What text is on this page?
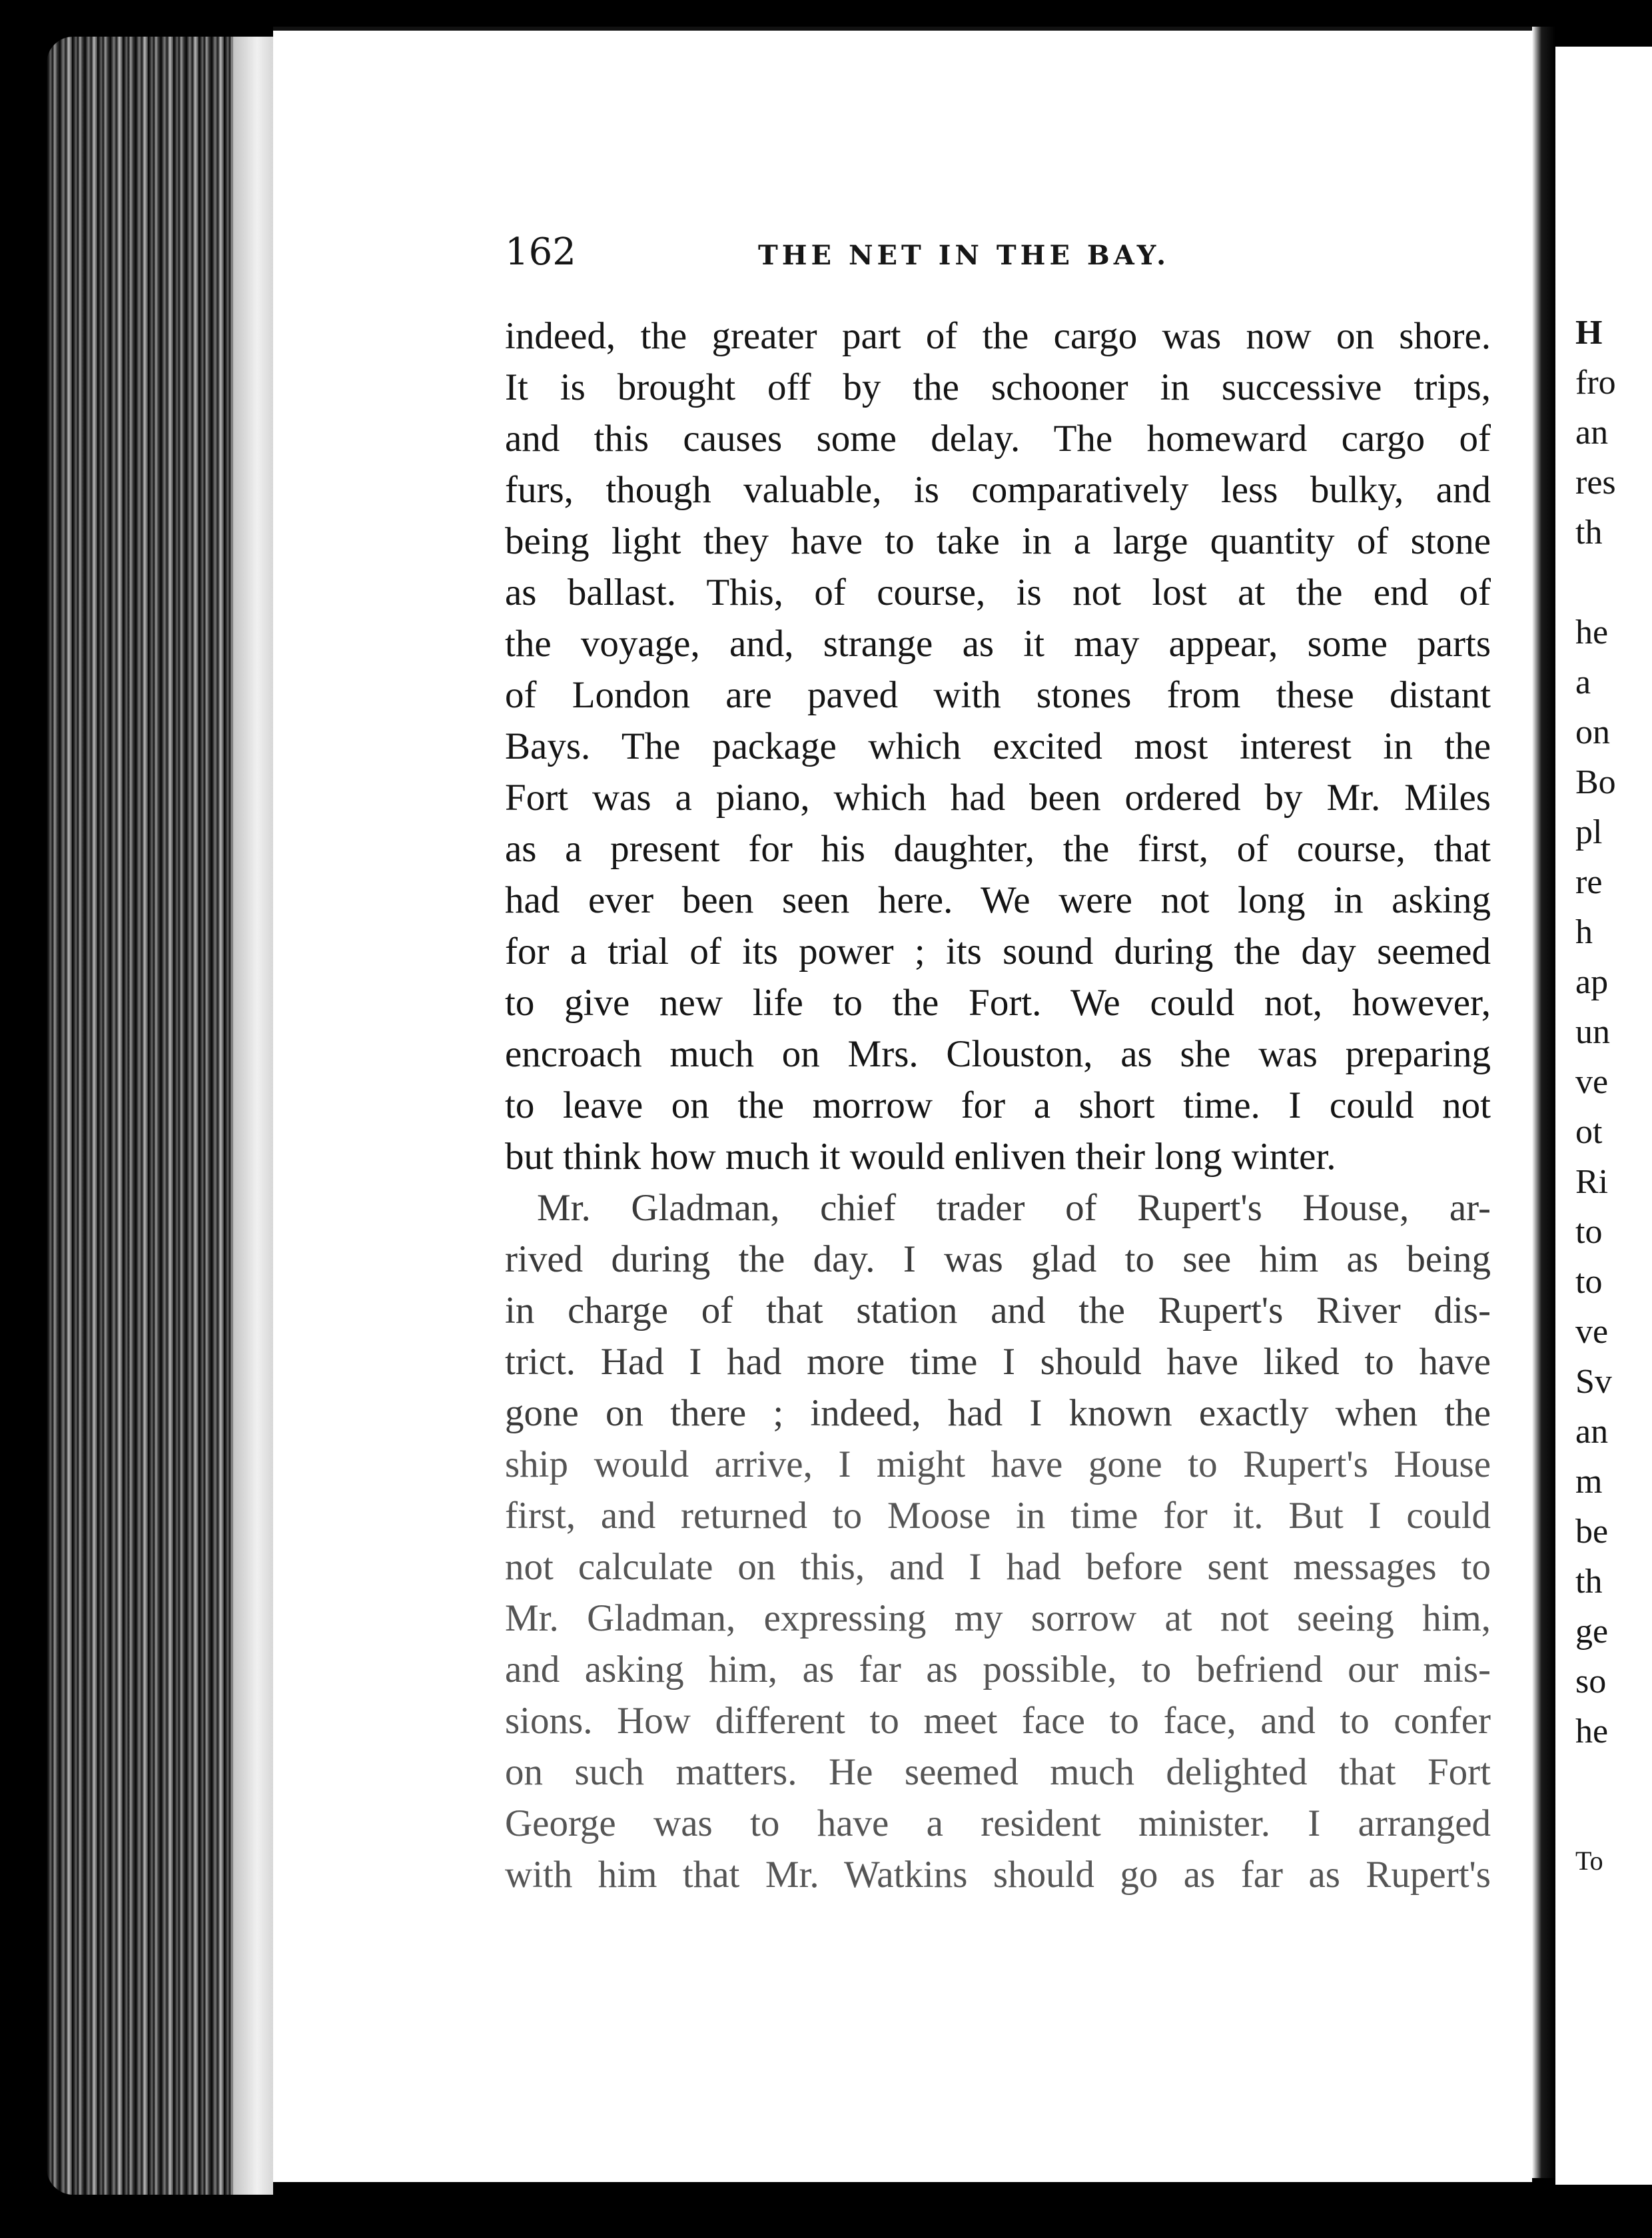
162	THE NET IN THE BAY.
indeed, the greater part of the cargo was now on shore.
It is brought off by the schooner in successive trips,
and this causes some delay. The homeward cargo of
furs, though valuable, is comparatively less bulky, and
being light they have to take in a large quantity of stone
as ballast. This, of course, is not lost at the end of
the voyage, and, strange as it may appear, some parts
of London are paved with stones from these distant
Bays. The package which excited most interest in the
Fort was a piano, which had been ordered by Mr. Miles
as a present for his daughter, the first, of course, that
had ever been seen here. We were not long in asking
for a trial of its power ; its sound during the day seemed
to give new life to the Fort. We could not, however,
encroach much on Mrs. Clouston, as she was preparing
to leave on the morrow for a short time. I could not
but think how much it would enliven their long winter.
Mr. Gladman, chief trader of Rupert's House, ar-
rived during the day. I was glad to see him as being
in charge of that station and the Rupert's River dis-
trict. Had I had more time I should have liked to have
gone on there ; indeed, had I known exactly when the
ship would arrive, I might have gone to Rupert's House
first, and returned to Moose in time for it. But I could
not calculate on this, and I had before sent messages to
Mr. Gladman, expressing my sorrow at not seeing him,
and asking him, as far as possible, to befriend our mis-
sions. How different to meet face to face, and to confer
on such matters. He seemed much delighted that Fort
George was to have a resident minister. I arranged
with him that Mr. Watkins should go as far as Rupert's
H
fro
an
res
th
he
a
on
Bo
pl
re
h
ap
un
ve
ot
Ri
to
to
ve
Sv
an
m
be
th
ge
so
he
To
